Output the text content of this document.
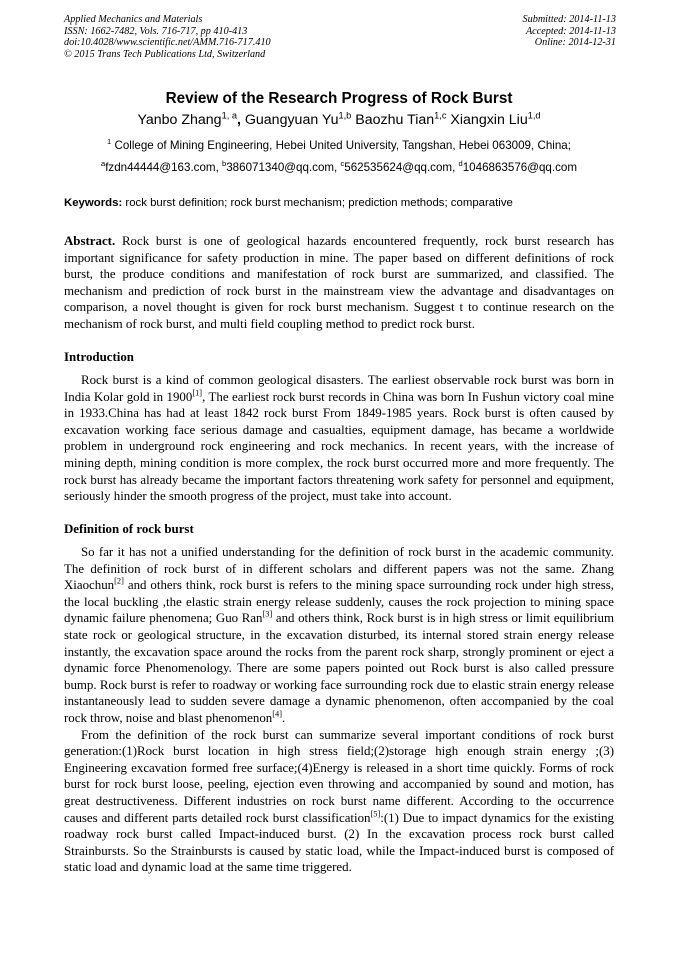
Applied Mechanics and Materials
ISSN: 1662-7482, Vols. 716-717, pp 410-413
doi:10.4028/www.scientific.net/AMM.716-717.410
© 2015 Trans Tech Publications Ltd, Switzerland
Submitted: 2014-11-13
Accepted: 2014-11-13
Online: 2014-12-31
Review of the Research Progress of Rock Burst
Yanbo Zhang$^{1, a}$, Guangyuan Yu$^{1,b}$ Baozhu Tian$^{1,c}$ Xiangxin Liu$^{1,d}$
$^1$ College of Mining Engineering, Hebei United University, Tangshan, Hebei 063009, China;
$^a$fzdn44444@163.com, $^b$386071340@qq.com, $^c$562535624@qq.com, $^d$1046863576@qq.com
Keywords: rock burst definition; rock burst mechanism; prediction methods; comparative

Abstract. Rock burst is one of geological hazards encountered frequently, rock burst research has important significance for safety production in mine. The paper based on different definitions of rock burst, the produce conditions and manifestation of rock burst are summarized, and classified. The mechanism and prediction of rock burst in the mainstream view the advantage and disadvantages on comparison, a novel thought is given for rock burst mechanism. Suggest t to continue research on the mechanism of rock burst, and multi field coupling method to predict rock burst.

Introduction

Rock burst is a kind of common geological disasters. The earliest observable rock burst was born in India Kolar gold in 1900[1], The earliest rock burst records in China was born In Fushun victory coal mine in 1933.China has had at least 1842 rock burst From 1849-1985 years. Rock burst is often caused by excavation working face serious damage and casualties, equipment damage, has became a worldwide problem in underground rock engineering and rock mechanics. In recent years, with the increase of mining depth, mining condition is more complex, the rock burst occurred more and more frequently. The rock burst has already became the important factors threatening work safety for personnel and equipment, seriously hinder the smooth progress of the project, must take into account.

Definition of rock burst

So far it has not a unified understanding for the definition of rock burst in the academic community. The definition of rock burst of in different scholars and different papers was not the same. Zhang Xiaochun[2] and others think, rock burst is refers to the mining space surrounding rock under high stress, the local buckling ,the elastic strain energy release suddenly, causes the rock projection to mining space dynamic failure phenomena; Guo Ran[3] and others think, Rock burst is in high stress or limit equilibrium state rock or geological structure, in the excavation disturbed, its internal stored strain energy release instantly, the excavation space around the rocks from the parent rock sharp, strongly prominent or eject a dynamic force Phenomenology. There are some papers pointed out Rock burst is also called pressure bump. Rock burst is refer to roadway or working face surrounding rock due to elastic strain energy release instantaneously lead to sudden severe damage a dynamic phenomenon, often accompanied by the coal rock throw, noise and blast phenomenon[4].

From the definition of the rock burst can summarize several important conditions of rock burst generation:(1)Rock burst location in high stress field;(2)storage high enough strain energy ;(3) Engineering excavation formed free surface;(4)Energy is released in a short time quickly. Forms of rock burst for rock burst loose, peeling, ejection even throwing and accompanied by sound and motion, has great destructiveness. Different industries on rock burst name different. According to the occurrence causes and different parts detailed rock burst classification[5]:(1) Due to impact dynamics for the existing roadway rock burst called Impact-induced burst. (2) In the excavation process rock burst called Strainbursts. So the Strainbursts is caused by static load, while the Impact-induced burst is composed of static load and dynamic load at the same time triggered.
